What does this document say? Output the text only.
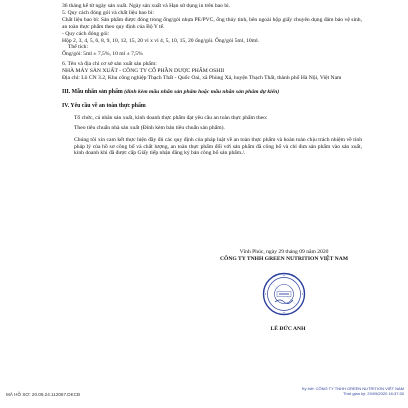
36 tháng kể từ ngày sản xuất. Ngày sản xuất và Hạn sử dụng in trên bao bì.

5. Quy cách đóng gói và chất liệu bao bì:

Chất liệu bao bì: Sản phẩm được đóng trong ống/gói nhựa PE/PVC, ống thủy tinh, bên ngoài hộp giấy chuyên dụng đảm bảo vệ sinh, an toàn thực phẩm theo quy định của Bộ Y tế.

- Quy cách đóng gói:

Hộp 2, 3, 4, 5, 6, 8, 9, 10, 12, 15, 20 vỉ x vỉ 4, 5, 10, 15, 20 ống/gói. Ống/gói 5ml, 10ml.

Thể tích:

Ống/gói: 5ml ± 7,5%, 10 ml ± 7,5%

6. Tên và địa chỉ cơ sở sản xuất sản phẩm:

NHÀ MÁY SẢN XUẤT - CÔNG TY CỔ PHẦN DƯỢC PHẨM OSHII

Địa chỉ: Lô CN 3.2, Khu công nghiệp Thạch Thất - Quốc Oai, xã Phùng Xá, huyện Thạch Thất, thành phố Hà Nội, Việt Nam

III. Mẫu nhãn sản phẩm (đính kèm mẫu nhãn sản phẩm hoặc mẫu nhãn sản phẩm dự kiến)

IV. Yêu cầu về an toàn thực phẩm

Tổ chức, cá nhân sản xuất, kinh doanh thực phẩm đạt yêu cầu an toàn thực phẩm theo:

Theo tiêu chuẩn nhà sản xuất (Đính kèm bản tiêu chuẩn sản phẩm).

Chúng tôi xin cam kết thực hiện đầy đủ các quy định của pháp luật về an toàn thực phẩm và hoàn toàn chịu trách nhiệm về tính pháp lý của hồ sơ công bố và chất lượng, an toàn thực phẩm đối với sản phẩm đã công bố và chỉ đưa sản phẩm vào sản xuất, kinh doanh khi đã được cấp Giấy tiếp nhận đăng ký bản công bố sản phẩm./.

Vĩnh Phúc, ngày 29 tháng 09 năm 2020

CÔNG TY TNHH GREEN NUTRITION VIỆT NAM

LÊ ĐỨC ANH
MÃ HỒ SƠ: 20.09.24.112067.DKCB

Ký bởi: CÔNG TY TNHH GREEN NUTRITION VIỆT NAM

Thời gian ký: 29/09/2020 16:37:30
